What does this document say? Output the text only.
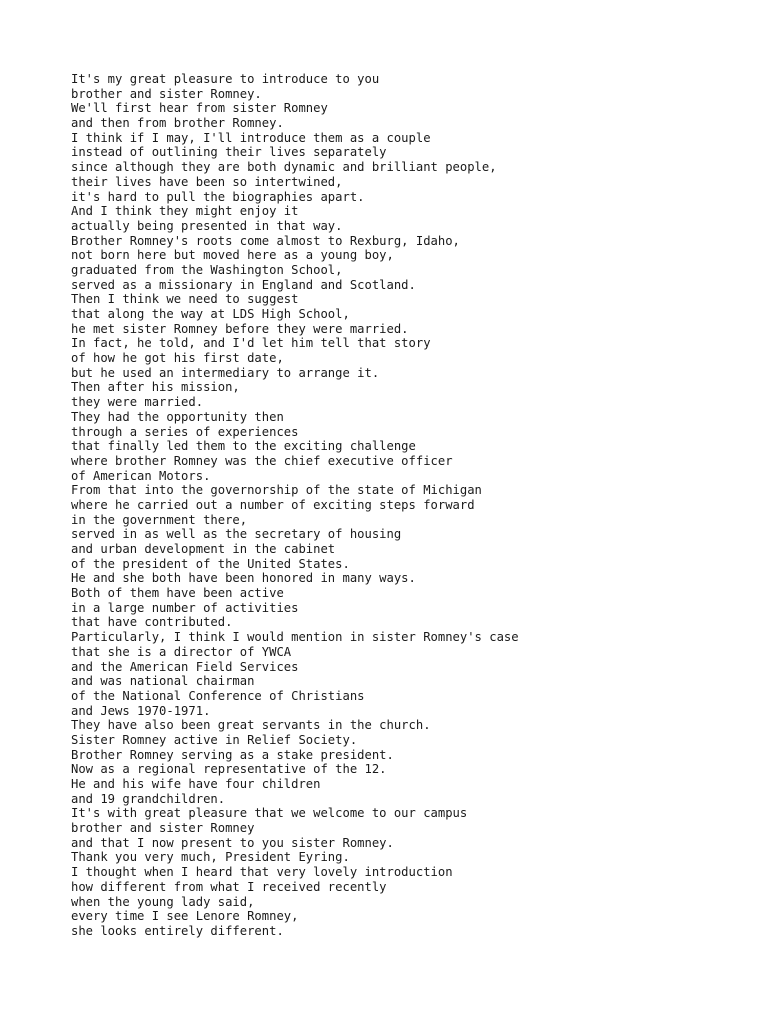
It's my great pleasure to introduce to you
brother and sister Romney.
We'll first hear from sister Romney
and then from brother Romney.
I think if I may, I'll introduce them as a couple
instead of outlining their lives separately
since although they are both dynamic and brilliant people,
their lives have been so intertwined,
it's hard to pull the biographies apart.
And I think they might enjoy it
actually being presented in that way.
Brother Romney's roots come almost to Rexburg, Idaho,
not born here but moved here as a young boy,
graduated from the Washington School,
served as a missionary in England and Scotland.
Then I think we need to suggest
that along the way at LDS High School,
he met sister Romney before they were married.
In fact, he told, and I'd let him tell that story
of how he got his first date,
but he used an intermediary to arrange it.
Then after his mission,
they were married.
They had the opportunity then
through a series of experiences
that finally led them to the exciting challenge
where brother Romney was the chief executive officer
of American Motors.
From that into the governorship of the state of Michigan
where he carried out a number of exciting steps forward
in the government there,
served in as well as the secretary of housing
and urban development in the cabinet
of the president of the United States.
He and she both have been honored in many ways.
Both of them have been active
in a large number of activities
that have contributed.
Particularly, I think I would mention in sister Romney's case
that she is a director of YWCA
and the American Field Services
and was national chairman
of the National Conference of Christians
and Jews 1970-1971.
They have also been great servants in the church.
Sister Romney active in Relief Society.
Brother Romney serving as a stake president.
Now as a regional representative of the 12.
He and his wife have four children
and 19 grandchildren.
It's with great pleasure that we welcome to our campus
brother and sister Romney
and that I now present to you sister Romney.
Thank you very much, President Eyring.
I thought when I heard that very lovely introduction
how different from what I received recently
when the young lady said,
every time I see Lenore Romney,
she looks entirely different.
